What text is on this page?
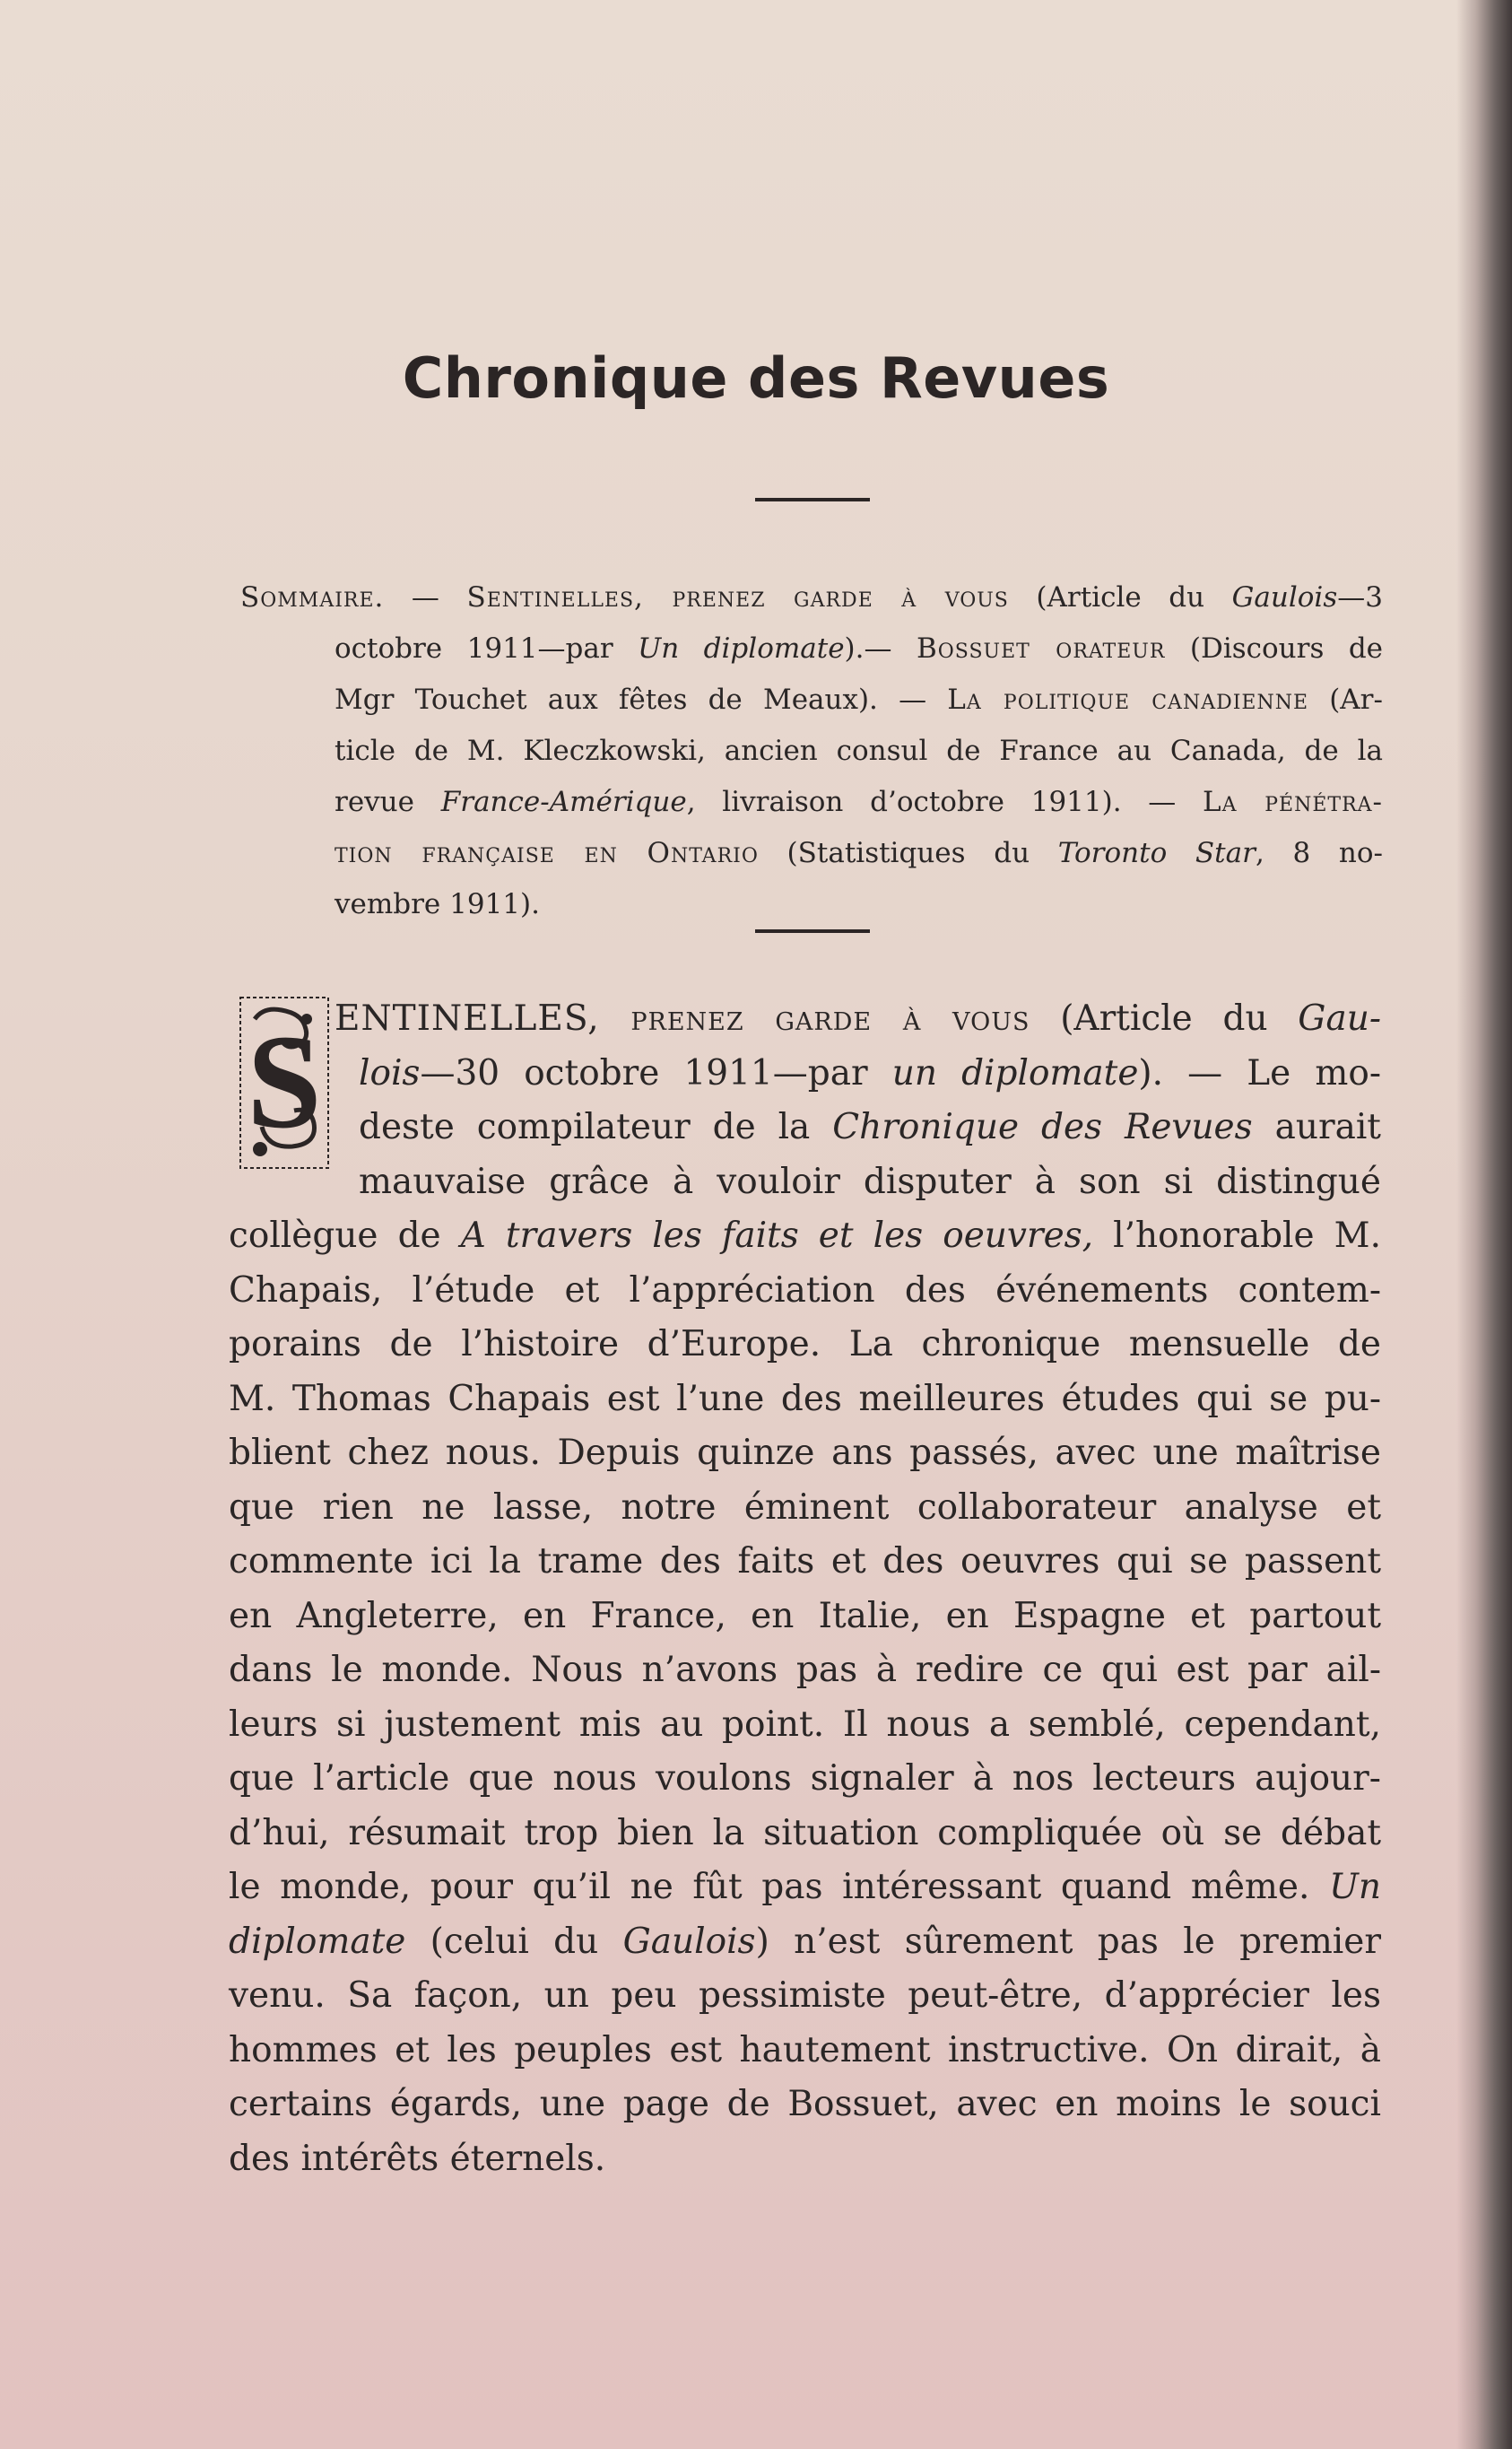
Chronique des Revues
Sommaire. — Sentinelles, prenez garde à vous (Article du Gaulois—3
octobre 1911—par Un diplomate).— Bossuet orateur (Discours de
Mgr Touchet aux fêtes de Meaux). — La politique canadienne (Ar-
ticle de M. Kleczkowski, ancien consul de France au Canada, de la
revue France-Amérique, livraison d’octobre 1911). — La pénétra-
tion française en Ontario (Statistiques du Toronto Star, 8 no-
vembre 1911).
S ENTINELLES, prenez garde à vous (Article du Gau-
lois—30 octobre 1911—par un diplomate). — Le mo-
deste compilateur de la Chronique des Revues aurait
mauvaise grâce à vouloir disputer à son si distingué
collègue de A travers les faits et les oeuvres, l’honorable M.
Chapais, l’étude et l’appréciation des événements contem-
porains de l’histoire d’Europe. La chronique mensuelle de
M. Thomas Chapais est l’une des meilleures études qui se pu-
blient chez nous. Depuis quinze ans passés, avec une maîtrise
que rien ne lasse, notre éminent collaborateur analyse et
commente ici la trame des faits et des oeuvres qui se passent
en Angleterre, en France, en Italie, en Espagne et partout
dans le monde. Nous n’avons pas à redire ce qui est par ail-
leurs si justement mis au point. Il nous a semblé, cependant,
que l’article que nous voulons signaler à nos lecteurs aujour-
d’hui, résumait trop bien la situation compliquée où se débat
le monde, pour qu’il ne fût pas intéressant quand même. Un
diplomate (celui du Gaulois) n’est sûrement pas le premier
venu. Sa façon, un peu pessimiste peut-être, d’apprécier les
hommes et les peuples est hautement instructive. On dirait, à
certains égards, une page de Bossuet, avec en moins le souci
des intérêts éternels.
